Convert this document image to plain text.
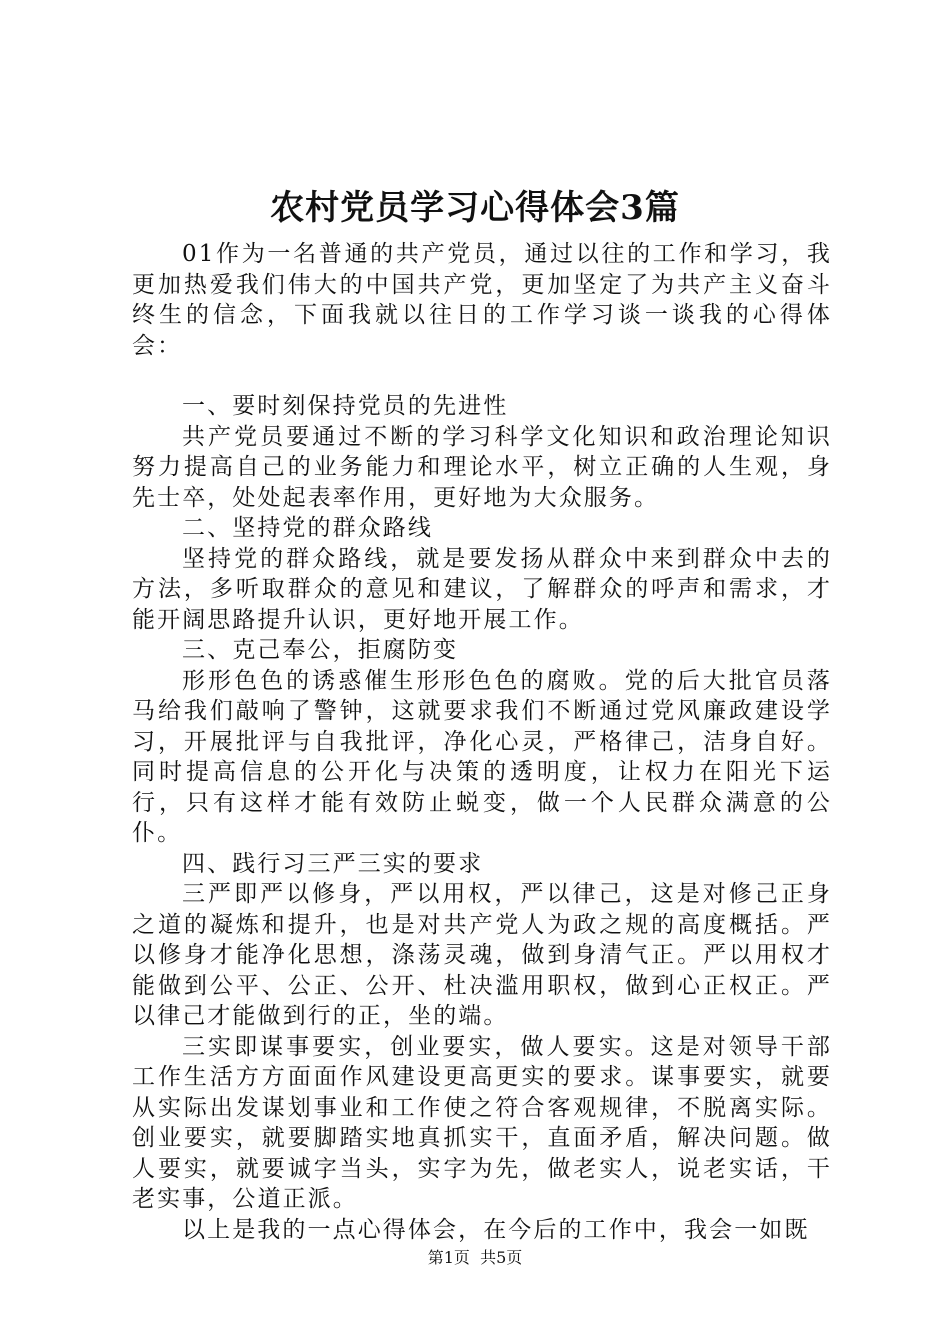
农村党员学习心得体会3篇

01作为一名普通的共产党员，通过以往的工作和学习，我更加热爱我们伟大的中国共产党，更加坚定了为共产主义奋斗终生的信念，下面我就以往日的工作学习谈一谈我的心得体会：

一、要时刻保持党员的先进性

共产党员要通过不断的学习科学文化知识和政治理论知识努力提高自己的业务能力和理论水平，树立正确的人生观，身先士卒，处处起表率作用，更好地为大众服务。

二、坚持党的群众路线

坚持党的群众路线，就是要发扬从群众中来到群众中去的方法，多听取群众的意见和建议，了解群众的呼声和需求，才能开阔思路提升认识，更好地开展工作。

三、克己奉公，拒腐防变

形形色色的诱惑催生形形色色的腐败。党的后大批官员落马给我们敲响了警钟，这就要求我们不断通过党风廉政建设学习，开展批评与自我批评，净化心灵，严格律己，洁身自好。同时提高信息的公开化与决策的透明度，让权力在阳光下运行，只有这样才能有效防止蜕变，做一个人民群众满意的公仆。

四、践行习三严三实的要求

三严即严以修身，严以用权，严以律己，这是对修己正身之道的凝炼和提升，也是对共产党人为政之规的高度概括。严以修身才能净化思想，涤荡灵魂，做到身清气正。严以用权才能做到公平、公正、公开、杜决滥用职权，做到心正权正。严以律己才能做到行的正，坐的端。

三实即谋事要实，创业要实，做人要实。这是对领导干部工作生活方方面面作风建设更高更实的要求。谋事要实，就要从实际出发谋划事业和工作使之符合客观规律，不脱离实际。创业要实，就要脚踏实地真抓实干，直面矛盾，解决问题。做人要实，就要诚字当头，实字为先，做老实人，说老实话，干老实事，公道正派。

以上是我的一点心得体会，在今后的工作中，我会一如既

第1页 共5页
